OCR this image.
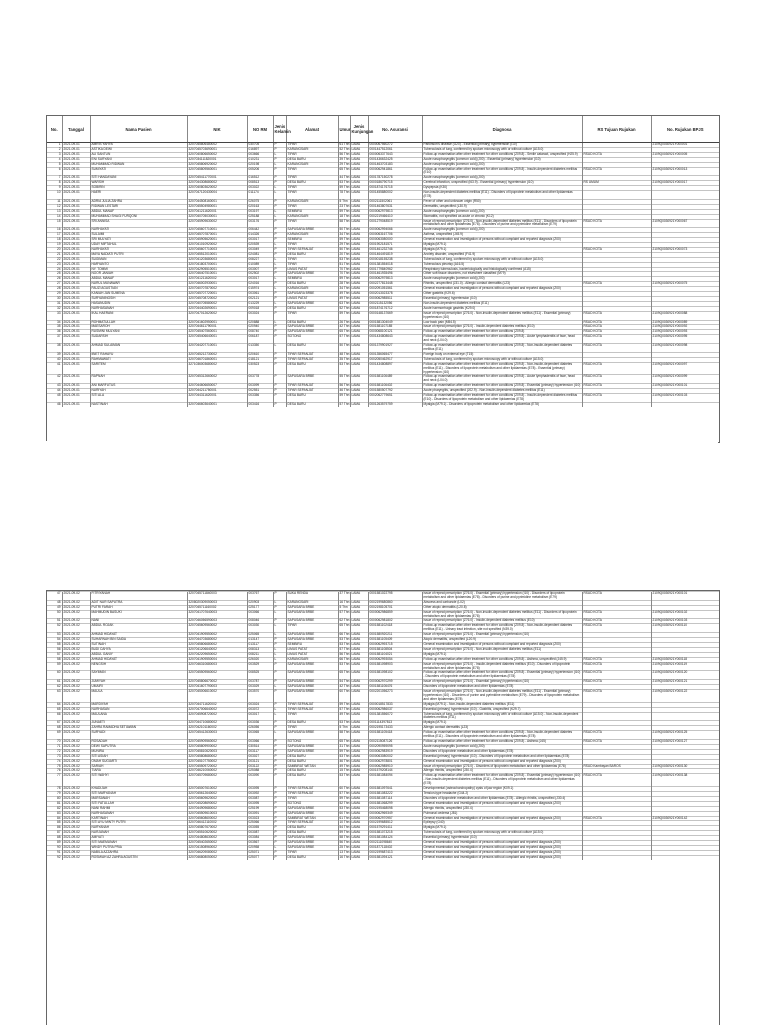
No.	Tanggal	Nama Pasien	NIK	NO RM	Jenis Kelamin	Alamat	Umur	Jenis Kunjungan	No. Asuransi	Diagnosa	RS Tujuan Rujukan	No. Rujukan BPJS
1	2021-09-01	AMRIS YAHYA	3207045806480002	030705	P	TIPAR	61 Thn	LAMA	0000067560272	Parkinson's disease (G20) - Essential (primary) hypertension (I10)		2109Q0030921Y000001
2	2021-09-01	ASTIKA DEWI	3207045703690001	016897	P	KARANGSARI	52 Thn	LAMA	0001447512061	Tuberculosis of lung, confirmed by sputum microscopy with or without culture (A15.0)		
3	2021-09-01	ALI SANTUN	3207040806650002	003666	L	TIPAR	56 Thn	LAMA	0000063377643	Follow-up examination after other treatment for other conditions (Z09.8) - Senile cataract, unspecified (H25.9)	RSUD KOTA	2109Q0030921Y000005
4	2021-09-01	ENI SURYANI	3207034111820001	010231	P	DESA BARU	39 Thn	LAMA	0001436632425	Acute nasopharyngitis [common cold] (J00) - Essential (primary) hypertension (I10)		
5	2021-09-01	MUHAMMAD RIDWAN	3207045806920002	020198	L	KARANGSARI	29 Thn	LAMA	0001463703183	Acute nasopharyngitis [common cold] (J00)		
6	2021-09-01	SUMIYATI	3207045809560001	005206	P	TIPAR	65 Thn	LAMA	0000062941861	Follow-up examination after other treatment for other conditions (Z09.8) - Insulin-dependent diabetes mellitus (E10)	RSUD KOTA	2109Q0030921Y000013
7	2021-09-01	SITI HANDAYANI	3207045411770001	016512	P	TIPAR	44 Thn	LAMA	0001787150278	Acute nasopharyngitis [common cold] (J00)		
8	2021-09-01	WARSIH	3207044308680002	008513	P	DESA BARU	53 Thn	LAMA	0000186790715	Cerebral infarction, unspecified (I63.9) - Essential (primary) hypertension (I10)	RS UMUM	2109Q0030921Y000017
9	2021-09-01	SOBIRIN	3207040803620002	003022	L	TIPAR	59 Thn	LAMA	0001874176715	Dyspepsia (K30)		
10	2021-09-01	HAERI	3207047120430004	011174	L	TIPAR	78 Thn	LAMA	0001455880002	Non-insulin-dependent diabetes mellitus (E11) - Disorders of lipoprotein metabolism and other lipidaemias (E78)		
11	2021-09-01	ADRIA JULIA ZAHRA	3207044508160001	026075	P	KARANGSARI	5 Thn	LAMA	0002111502061	Fever of other and unknown origin (R50)		
12	2021-09-01	RIDWAN LESTARI	3207045504980001	020163	P	TIPAR	23 Thn	LAMA	0001463807631	Dermatitis, unspecified (L30.9)		
13	2021-09-01	ABDUL MANAF	3207041211620001	003197	L	SEMBIRU	59 Thn	LAMA	0000062979813	Acute nasopharyngitis [common cold] (J00)		
14	2021-09-01	MUHAMMAD SHAGI FURQONI	3207040705030001	025188	L	KARANGSARI	18 Thn	LAMA	0002219466410	Stomatitis, not specified as acute or chronic (K12)		
15	2021-09-01	SRI ANNISA	3207045909630002	003176	P	TIPAR	58 Thn	LAMA	0001279048519	Issue of repeat prescription (Z76.0) - Non-insulin-dependent diabetes mellitus (E11) - Disorders of lipoprotein metabolism and other lipidaemias (E78) - Disorders of purine and pyrimidine metabolism (E79)	RSUD KOTA	2109Q0030921Y000067
16	2021-09-01	NURHAYATI	3207045607710001	006442	P	SAPUSARA BRBE	50 Thn	LAMA	0000062994066	Acute nasopharyngitis [common cold] (J00)		
17	2021-09-01	SULAIMI	3207045707870001	014326	P	KARANGSARI	34 Thn	LAMA	0000063167706	Asthma, unspecified (J45.9)		
18	2021-09-01	SRI MULYATI	3207045905620001	003017	P	SEMBIRU	59 Thn	LAMA	0000063080000	General examination and investigation of persons without complaint and reported diagnosis (Z00)		
19	2021-09-01	UDAY MIFTAHUL	3207041010920002	020539	L	TIPAR	29 Thn	LAMA	0001902181571	Myalgia (M79.1)		
20	2021-09-01	NURHAYATI	3207045607710003	003049	P	TIPAR SEPANJAT	50 Thn	LAMA	0001461232746	Myalgia (M79.1)	RSUD KOTA	2109Q0030921Y000073
21	2021-09-01	MAYA NADIATI PUTRI	3207045512010001	024081	P	DESA BARU	20 Thn	LAMA	0001464491819	Anxiety disorder, unspecified (F41.9)		
22	2021-09-01	SUGIMAN	3207041203680003	008227	L	TIPAR	53 Thn	LAMA	0000018155238	Tuberculosis of lung, confirmed by sputum microscopy with or without culture (A15.0)		
23	2021-09-01	HARYANTO	3207041803700001	010089	L	TIPAR	51 Thn	LAMA	0001381554018	Tuberculous pleurisy (A16.5)		
24	2021-09-01	NY. TOMMI	3207042905510001	003007	P	LIMUS PATAT	70 Thn	LAMA	0001779840962	Respiratory tuberculosis, bacteriologically and histologically confirmed (A15)		
25	2021-09-01	NOOR JANIAH	3207046407510001	002502	P	SAPUSARA BRBE	70 Thn	LAMA	0001461935496	Other soft tissue disorders, not elsewhere classified (M79)		
26	2021-09-01	ABDUL MANAF	3207041211620002	003017	L	SEMBIRU	59 Thn	LAMA	0000062979813	Acute nasopharyngitis [common cold] (J00)		
27	2021-09-01	NURUL MUNAWAR	3207046002930001	024016	P	DESA BARU	28 Thn	LAMA	0002277813448	Rhinitis, unspecified (J31.0) - Allergic contact dermatitis (L23)	RSUD KOTA	2109Q0030921Y000075
28	2021-09-01	FAUZI AGUSTIAN	3207040707870002	015974	L	KARANGSARI	34 Thn	LAMA	0002091051561	General examination and investigation of persons without complaint and reported diagnosis (Z00)		
29	2021-09-01	KANIAH JAN SUMENA	3207045707720001	003061	P	SAPUSARA BRBE	49 Thn	LAMA	0002013023378	Other gastritis (K29.6)		
30	2021-09-01	SURYANINGSIH	3207045708720002	002121	P	LIMUS PATAT	49 Thn	LAMA	0000062985511	Essential (primary) hypertension (I10)		
31	2021-09-01	HASANUDIN	3207040705580002	013229	L	SAPUSARA BRBE	63 Thn	LAMA	0002115132056	Non-insulin-dependent diabetes mellitus (E11)		
32	2021-09-01	NURHASANAH	3207044402690001	009018	P	DESA BARU	52 Thn	LAMA	0001874176712	Acute haemorrhagic gastritis (K29.0)		
33	2021-09-01	IKAL HAERANI	3207047012620002	003024	P	TIPAR	59 Thn	LAMA	0000148137669	Issue of repeat prescription (Z76.0) - Non-insulin-dependent diabetes mellitus (E11) - Essential (primary) hypertension (I10)	RSUD KOTA	2109Q0030921Y000088
34	2021-09-01	ROHMATULLAH	3207041602950001	020888	L	DESA BARU	26 Thn	LAMA	0001581304049	Low back pain (M54.5)	RSUD KOTA	2109Q0030921Y000089
35	2021-09-01	MAESAROH	3207044611790001	020940	P	SAPUSARA BRBE	42 Thn	LAMA	0001581107185	Issue of repeat prescription (Z76.0) - Insulin-dependent diabetes mellitus (E10)	RSUD KOTA	2109Q0030921Y000092
36	2021-09-01	RUSMINI MULYANI	3207045407560001	008740	P	SAPUSARA BRBE	65 Thn	LAMA	0000068100121	Follow-up examination after other treatment for other conditions (Z09.8)	RSUD KOTA	2109Q0030921Y000093
37	2021-09-01	SUDARSIH	3207045406640001	006187	P	SOTONG	57 Thn	LAMA	0001434808643	Follow-up examination after other treatment for other conditions (Z09.8) - Acute lymphadenitis of face, head and neck (L04.0)	RSUD KOTA	2109Q0030921Y000095
38	2021-09-01	AHMAD SULAIMAN	3207044207710001	013350	L	DESA BARU	50 Thn	LAMA	0001379901927	Follow-up examination after other treatment for other conditions (Z09.8) - Non-insulin-dependent diabetes mellitus (E11)	RSUD KOTA	2109Q0030921Y000098
39	2021-09-01	IBIET RAHAYU	3207045212730002	020610	P	TIPAR SEPANJAT	48 Thn	LAMA	0001356065477	Foreign body on external eye (T15)		
40	2021-09-01	RAHMAWATI	3207046701860001	018121	P	TIPAR SEPANJAT	35 Thn	LAMA	0002050462917	Tuberculosis of lung, confirmed by sputum microscopy with or without culture (A15.0)		
41	2021-09-01	SARITEM	3271036003680002	030523	P	DESA BARU	53 Thn	LAMA	0001434808897	Follow-up examination after other treatment for other conditions (Z09.8) - Non-insulin-dependent diabetes mellitus (E11) - Disorders of lipoprotein metabolism and other lipidaemias (E78) - Essential (primary) hypertension (I10)	RSUD KOTA	2109Q0030921Y000097
42	2021-09-01	RAPNAH	3207045312660002	003778	P	SAPUSARA BRBE	55 Thn	LAMA	0001581106489	Follow-up examination after other treatment for other conditions (Z09.8) - Acute lymphadenitis of face, head and neck (L04.0)	RSUD KOTA	2109Q0030921Y000099
43	2021-09-01	ANI MARFUTUS	3207044606650007	003099	P	TIPAR SEPANJAT	56 Thn	LAMA	0001581106402	Follow-up examination after other treatment for other conditions (Z09.8) - Essential (primary) hypertension (I10)	RSUD KOTA	2109Q0030921Y000101
44	2021-09-01	NURIYAH	3207044211750001	002551	P	TIPAR SEPANJAT	46 Thn	LAMA	0001580507792	Acute pharyngitis, unspecified (J02.9) - Non-insulin-dependent diabetes mellitus (E11)		
45	2021-09-01	SITI ALA	3207044311620001	003356	P	DESA BARU	59 Thn	LAMA	0002062779651	Follow-up examination after other treatment for other conditions (Z09.8) - Insulin-dependent diabetes mellitus (E10) - Disorders of lipoprotein metabolism and other lipidaemias (E78)	RSUD KOTA	2109Q0030921Y000103
46	2021-09-01	NASTINAH	3207046603640001	003416	P	DESA BARU	57 Thn	LAMA	0001263579759	Myalgia (M79.1) - Disorders of lipoprotein metabolism and other lipidaemias (E78)		
47	2021-09-02	FITRIYANAH	3207045711840003	003767	P	SUKA RENDA	37 Thn	LAMA	0001581022795	Issue of repeat prescription (Z76.0) - Essential (primary) hypertension (I10) - Disorders of lipoprotein metabolism and other lipidaemias (E78) - Disorders of purine and pyrimidine metabolism (E79)	RSUD KOTA	2109Q0030921Y000101
48	2021-09-02	ADIT NUR SAPUTRA	3208020309050003	020903	L	KARANGSARI	16 Thn	LAMA	0002199680860	Abscess and carbuncle (L02)		
49	2021-09-02	PUTRI FARAH	3207045711160002	025177	P	SAPUSARA BRBE	5 Thn	LAMA	0002198105701	Other atopic dermatitis (L20.8)		
50	2021-09-02	MAHMUDIN BASUKI	3207041707640003	003066	L	SAPUSARA BRBE	57 Thn	LAMA	0000062986859	Issue of repeat prescription (Z76.0) - Non-insulin-dependent diabetes mellitus (E11) - Disorders of lipoprotein metabolism and other lipidaemias (E78)	RSUD KOTA	2109Q0030921Y000102
51	2021-09-02	NANI	3207046056590003	008046	P	SAPUSARA BRBE	62 Thn	LAMA	0000062981802	Issue of repeat prescription (Z76.0) - Insulin-dependent diabetes mellitus (E10)	RSUD KOTA	2109Q0030921Y000103
52	2021-09-02	ABDUL ROJAK	3207045609560002	003030	L	TIPAR	65 Thn	LAMA	0001581102418	Follow-up examination after other treatment for other conditions (Z09.8) - Non-insulin-dependent diabetes mellitus (E11) - Urinary tract infection, site not specified (N39.0)	RSUD KOTA	2109Q0030921Y000110
53	2021-09-02	AHMAD HIDAYAT	3207041909550002	025065	L	SAPUSARA BRBE	66 Thn	LAMA	0001580920211	Issue of repeat prescription (Z76.0) - Essential (primary) hypertension (I10)		
54	2021-09-02	SUHARNAH BIN SAIDA	3207044703680002	013147	P	SAPUSARA BRBE	53 Thn	LAMA	0001581105409	Atopic dermatitis, unspecified (L20.9)		
55	2021-09-02	SUTINAH	3207045806680002	013117	P	SEMBIRU	53 Thn	LAMA	0000062993715	General examination and investigation of persons without complaint and reported diagnosis (Z00)		
56	2021-09-02	BUDI CAHYA	3207041206640002	008313	L	LIMUS PATAT	57 Thn	LAMA	0001581108504	Issue of repeat prescription (Z76.0) - Non-insulin-dependent diabetes mellitus (E11)		
57	2021-09-02	ABDUL GANIY	3207042209650002	008211	L	LIMUS PATAT	56 Thn	LAMA	0001581104021	Myalgia (M79.1)		
58	2021-09-02	AHMAD HIDAYAT	3207041909550004	026020	L	KARANGSARI	66 Thn	LAMA	0000062993054	Follow-up examination after other treatment for other conditions (Z09.8) - Asthma, unspecified (J45.9)	RSUD KOTA	2109Q0030921Y000118
59	2021-09-02	NENGSIH	3207046310680003	003529	P	SAPUSARA BRBE	53 Thn	LAMA	0001581098903	Issue of repeat prescription (Z76.0) - Insulin-dependent diabetes mellitus (E10) - Disorders of lipoprotein metabolism and other lipidaemias (E78)	RSUD KOTA	2109Q0030921Y000119
60	2021-09-02	SAYIMAN	3207045509560002	008525	P	SAPUSARA BRBE	65 Thn	LAMA	0001581098102	Follow-up examination after other treatment for other conditions (Z09.8) - Essential (primary) hypertension (I10) - Disorders of lipoprotein metabolism and other lipidaemias (E78)	RSUD KOTA	2109Q0030921Y000120
61	2021-09-02	JUMIYAH	3207045806670002	003787	P	SAPUSARA BRBE	54 Thn	LAMA	0000062970299	Issue of repeat prescription (Z76.0) - Essential (primary) hypertension (I10)	RSUD KOTA	2109Q0030921Y000121
62	2021-09-02	UMAIRI	3207041607790003	003029	L	SAPUSARA BRBE	42 Thn	LAMA	0001581106476	Disorders of lipoprotein metabolism and other lipidaemias (E78)		
63	2021-09-02	MAULA	3207045006610002	003570	P	SAPUSARA BRBE	60 Thn	LAMA	0002201056273	Issue of repeat prescription (Z76.0) - Non-insulin-dependent diabetes mellitus (E11) - Essential (primary) hypertension (I10) - Disorders of purine and pyrimidine metabolism (E79) - Disorders of lipoprotein metabolism and other lipidaemias (E78)	RSUD KOTA	2109Q0030921Y000122
64	2021-09-02	MARDIYAH	3207044711620002	003024	P	TIPAR SEPANJAT	59 Thn	LAMA	0000018517833	Myalgia (M79.1) - Non-insulin-dependent diabetes mellitus (E11)		
65	2021-09-02	NURHASAN	3207047006640002	003072	L	TIPAR SEPANJAT	57 Thn	LAMA	0000062986037	Essential (primary) hypertension (I10) - Gastritis, unspecified (K29.7)		
66	2021-09-02	MAULANA	3207045908720002	003017	L	TIPAR	49 Thn	LAMA	0001381556072	Tuberculosis of lung, confirmed by sputum microscopy with or without culture (A15.0) - Non-insulin-dependent diabetes mellitus (E11)		
67	2021-09-02	JUNAETI	3207044710680002	003036	P	DESA BARU	53 Thn	LAMA	0001114397813	Myalgia (M79.1)		
68	2021-09-02	ZAHRA RAMADHA SETIAWAN	3207042101160002	026056	P	TIPAR	5 Thn	LAMA	0002195173433	Allergic contact dermatitis (L23)		
69	2021-09-02	SURYADI	3207045412630003	003065	L	SAPUSARA BRBE	58 Thn	LAMA	0001581105418	Follow-up examination after other treatment for other conditions (Z09.8) - Non-insulin-dependent diabetes mellitus (E11) - Disorders of lipoprotein metabolism and other lipidaemias (E78)	RSUD KOTA	2109Q0030921Y000125
70	2021-09-02	ROSADAH	3207045909560002	003066	P	SOTONG	65 Thn	LAMA	0002115087126	Follow-up examination after other treatment for other conditions (Z09.8) - Asthma (J45)	RSUD KOTA	2109Q0030921Y000127
71	2021-09-02	DEWI SAPUTRA	3207045809900002	030514	P	SAPUSARA BRBE	31 Thn	LAMA	0002090959095	Acute nasopharyngitis [common cold] (J00)		
72	2021-09-02	MUNIRA	3207045810620003	003117	P	SAPUSARA BRBE	59 Thn	LAMA	0000062983919	Disorders of lipoprotein metabolism and other lipidaemias (E78)		
73	2021-09-02	SITI ASIAH	3207045808680002	003027	P	DESA BARU	53 Thn	LAMA	0000063080002	Essential (primary) hypertension (I10) - Disorders of lipoprotein metabolism and other lipidaemias (E78)		
74	2021-09-02	OMAH SUGIARTI	3207045107750002	003121	P	DESA BARU	46 Thn	LAMA	0000062978801	General examination and investigation of persons without complaint and reported diagnosis (Z00)		
75	2021-09-02	SARIAH	3207045509720002	003122	P	SAMBIRAT WETAN	49 Thn	LAMA	0000062985910	Issue of repeat prescription (Z76.0) - Disorders of lipoprotein metabolism and other lipidaemias (E78)	RSUD Kambayan BAROS	2109Q0030921Y000130
76	2021-09-02	TIARA	3207046210060002	025088	P	DESA BARU	15 Thn	LAMA	0001579208144	Allergic rhinitis, unspecified (J30.4)		
77	2021-09-02	SITI WAHYI	3207045709680002	003090	P	DESA BARU	53 Thn	LAMA	0001581084094	Follow-up examination after other treatment for other conditions (Z09.8) - Essential (primary) hypertension (I10) - Non-insulin-dependent diabetes mellitus (E11) - Disorders of lipoprotein metabolism and other lipidaemias (E78)	RSUD KOTA	2109Q0030921Y000138
78	2021-09-02	KHADIJAH	3207045007610002	003095	P	TIPAR SEPANJAT	60 Thn	LAMA	0001581097641	Developmental (osteochondropathy) cysts of jaw region (K09.1)		
79	2021-09-02	SITI MARYANAH	3207045612640002	003092	P	TIPAR SEPANJAT	57 Thn	LAMA	0001581083222	Tension-type headache (G44.2)		
80	2021-09-02	MARSANAH	3207045609620002	003087	P	TIPAR	59 Thn	LAMA	0001581087114	Disorders of lipoprotein metabolism and other lipidaemias (E78) - Allergic rhinitis, unspecified (J30.4)		
81	2021-09-02	SITI FATULLAH	3207045208690002	003095	P	SOTONG	52 Thn	LAMA	0001581068299	General examination and investigation of persons without complaint and reported diagnosis (Z00)		
82	2021-09-02	NANI RAHMI	3207044909680002	025199	P	SAPUSARA BRBE	53 Thn	LAMA	0002195468098	Allergic rhinitis, unspecified (J30.4)		
83	2021-09-02	NURHASANAH	3207045509610003	003091	P	SAPUSARA BRBE	60 Thn	LAMA	0000062969349	Pulmonal oedema (J81)		
84	2021-09-02	KARTINAH	3207045608600002	003023	P	SAMBIRAT WETAN	61 Thn	LAMA	0000062970957	General examination and investigation of persons without complaint and reported diagnosis (Z00)	RSUD KOTA	2109Q0030921Y000142
85	2021-09-02	SITI AYU MINTY PUTRI	3207046412110002	025066	P	TIPAR SEPANJAT	10 Thn	LAMA	0002199685512	Epilepsy (G40)		
86	2021-09-02	NURYANAH	3207045807670002	003055	P	DESA BARU	54 Thn	LAMA	0001579291411	Myalgia (M79.1)		
87	2021-09-02	NURJANAH	3207045510620002	003087	P	DESA BARU	59 Thn	LAMA	0001581073215	Tuberculosis of lung, confirmed by sputum microscopy with or without culture (A15.0)		
88	2021-09-02	AMIYATI	3207044808630002	003084	P	SAPUSARA BRBE	58 Thn	LAMA	0001581084124	Essential (primary) hypertension (I10)		
89	2021-09-02	SITI MAEMUNAH	3207045402650002	003567	P	SAPUSARA BRBE	56 Thn	LAMA	0002111098640	General examination and investigation of persons without complaint and reported diagnosis (Z00)		
90	2021-09-02	WINDY PUTRA PRIA	3207041508960002	020958	L	SAPUSARA BRBE	25 Thn	LAMA	0001877118402	General examination and investigation of persons without complaint and reported diagnosis (Z00)		
91	2021-09-02	NABILA AZZAHRA	3207046209080002	025071	P	TIPAR	13 Thn	LAMA	0002199687413	General examination and investigation of persons without complaint and reported diagnosis (Z00)		
92	2021-09-02	ROSMIAH AZ ZAHRA AGUSTIN	3207046808050002	025077	P	DESA BARU	16 Thn	LAMA	0001581094121	General examination and investigation of persons without complaint and reported diagnosis (Z00)		
